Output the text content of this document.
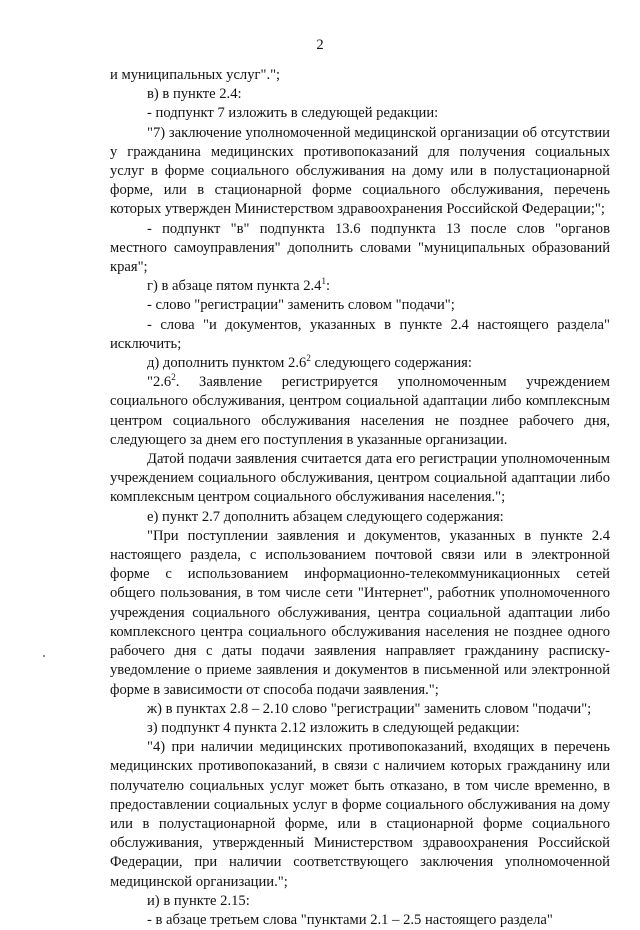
2

и муниципальных услуг".";

в) в пункте 2.4:

- подпункт 7 изложить в следующей редакции:

"7) заключение уполномоченной медицинской организации об отсутствии у гражданина медицинских противопоказаний для получения социальных услуг в форме социального обслуживания на дому или в полустационарной форме, или в стационарной форме социального обслуживания, перечень которых утвержден Министерством здравоохранения Российской Федерации;";

- подпункт "в" подпункта 13.6 подпункта 13 после слов "органов местного самоуправления" дополнить словами "муниципальных образований края";

г) в абзаце пятом пункта $2.4^1$:

- слово "регистрации" заменить словом "подачи";

- слова "и документов, указанных в пункте 2.4 настоящего раздела" исключить;

д) дополнить пунктом $2.6^2$ следующего содержания:

"$2.6^2$. Заявление регистрируется уполномоченным учреждением социального обслуживания, центром социальной адаптации либо комплексным центром социального обслуживания населения не позднее рабочего дня, следующего за днем его поступления в указанные организации.

Датой подачи заявления считается дата его регистрации уполномоченным учреждением социального обслуживания, центром социальной адаптации либо комплексным центром социального обслуживания населения.";

е) пункт 2.7 дополнить абзацем следующего содержания:

"При поступлении заявления и документов, указанных в пункте 2.4 настоящего раздела, с использованием почтовой связи или в электронной форме с использованием информационно-телекоммуникационных сетей общего пользования, в том числе сети "Интернет", работник уполномоченного учреждения социального обслуживания, центра социальной адаптации либо комплексного центра социального обслуживания населения не позднее одного рабочего дня с даты подачи заявления направляет гражданину расписку-уведомление о приеме заявления и документов в письменной или электронной форме в зависимости от способа подачи заявления.";

ж) в пунктах 2.8 – 2.10 слово "регистрации" заменить словом "подачи";

з) подпункт 4 пункта 2.12 изложить в следующей редакции:

"4) при наличии медицинских противопоказаний, входящих в перечень медицинских противопоказаний, в связи с наличием которых гражданину или получателю социальных услуг может быть отказано, в том числе временно, в предоставлении социальных услуг в форме социального обслуживания на дому или в полустационарной форме, или в стационарной форме социального обслуживания, утвержденный Министерством здравоохранения Российской Федерации, при наличии соответствующего заключения уполномоченной медицинской организации.";

и) в пункте 2.15:

- в абзаце третьем слова "пунктами 2.1 – 2.5 настоящего раздела"
